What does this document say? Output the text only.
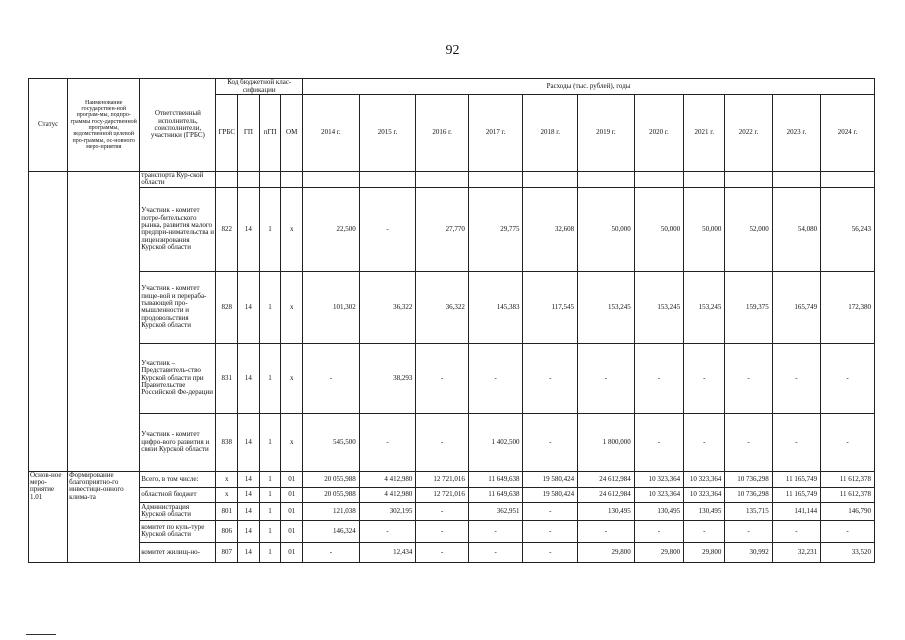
92
Статус	Наименование государствен-ной програм-мы, подпро-граммы госу-дарственной программы, ведомственной целевой про-граммы, ос-новного меро-приятия	Ответственный исполнитель, соисполнители, участники (ГРБС)	Код бюджетной клас-сификации				Расходы (тыс. рублей), годы										
			ГРБС	ГП	пГП	ОМ	2014 г.	2015 г.	2016 г.	2017 г.	2018 г.	2019 г.	2020 г.	2021 г.	2022 г.	2023 г.	2024 г.
		транспорта Кур-ской области															
		Участник - комитет потре-бительского рынка, развития малого предпри-нимательства и лицензирования Курской области	822	14	1	х	22,500	-	27,770	29,775	32,608	50,000	50,000	50,000	52,000	54,080	56,243
		Участник - комитет пище-вой и перераба-тывающей про-мышленности и продовольствия Курской области	828	14	1	х	101,302	36,322	36,322	145,383	117,545	153,245	153,245	153,245	159,375	165,749	172,380
		Участник – Представитель-ство Курской области при Правительстве Российской Фе-дерации	831	14	1	х	-	38,293	-	-	-	-	-	-	-	-	-
		Участник - комитет цифро-вого развития и связи Курской области	838	14	1	х	545,500	-	-	1 402,500	-	1 800,000	-	-	-	-	-
Основ-ное меро-приятие 1.01	Формирование благоприятно-го инвестици-онного клима-та	Всего, в том числе:	х	14	1	01	20 055,988	4 412,980	12 721,016	11 649,638	19 580,424	24 612,984	10 323,364	10 323,364	10 736,298	11 165,749	11 612,378
		областной бюджет	х	14	1	01	20 055,988	4 412,980	12 721,016	11 649,638	19 580,424	24 612,984	10 323,364	10 323,364	10 736,298	11 165,749	11 612,378
		Администрация Курской области	801	14	1	01	121,038	302,195	-	362,951	-	130,495	130,495	130,495	135,715	141,144	146,790
		комитет по куль-туре Курской области	806	14	1	01	146,324	-	-	-	-	-	-	-	-	-	-
		комитет жилищ-но-	807	14	1	01	-	12,434	-	-	-	29,800	29,800	29,800	30,992	32,231	33,520
